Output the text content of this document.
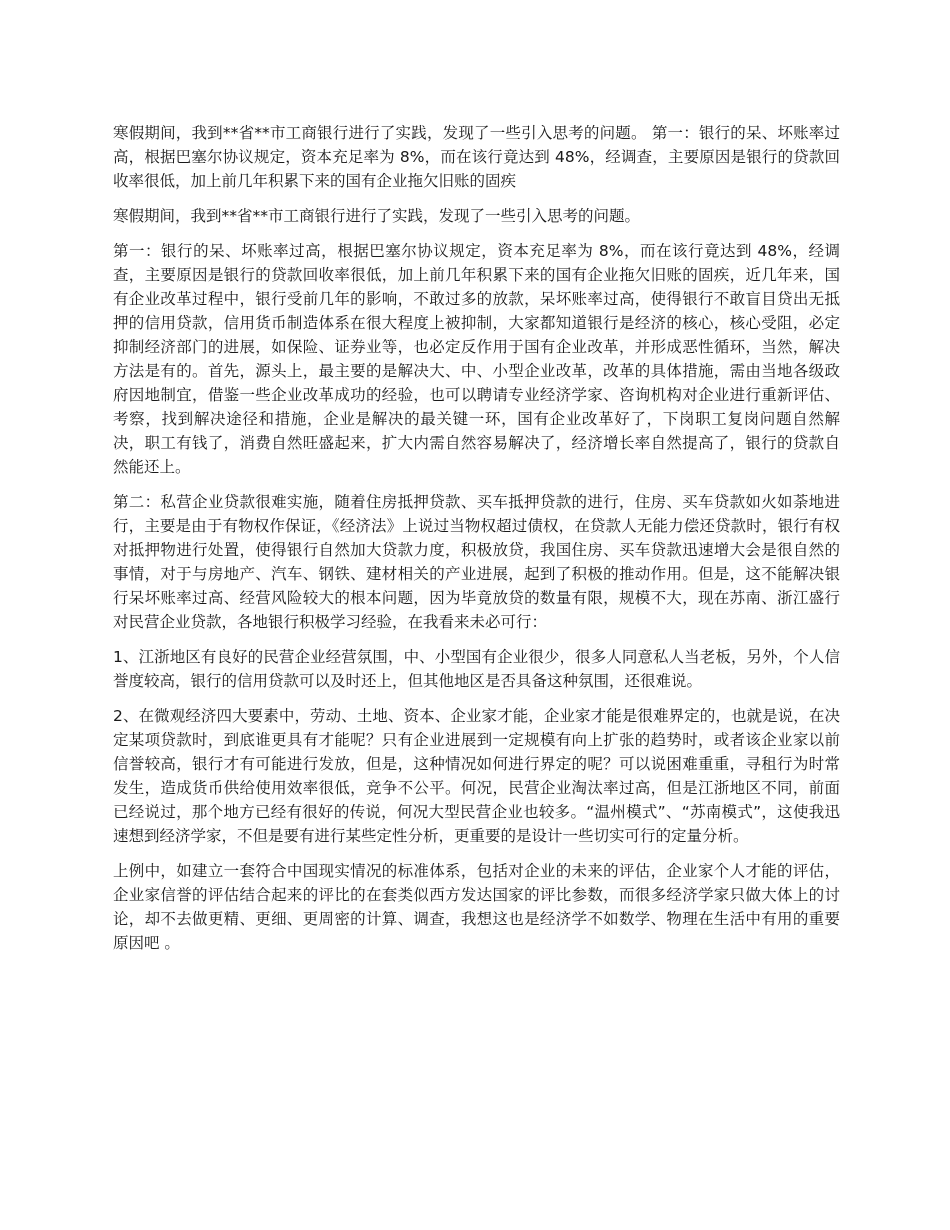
寒假期间，我到**省**市工商银行进行了实践，发现了一些引入思考的问题。 第一：银行的呆、坏账率过高，根据巴塞尔协议规定，资本充足率为 8%，而在该行竟达到 48%，经调查，主要原因是银行的贷款回收率很低，加上前几年积累下来的国有企业拖欠旧账的固疾

寒假期间，我到**省**市工商银行进行了实践，发现了一些引入思考的问题。

第一：银行的呆、坏账率过高，根据巴塞尔协议规定，资本充足率为 8%，而在该行竟达到 48%，经调查，主要原因是银行的贷款回收率很低，加上前几年积累下来的国有企业拖欠旧账的固疾，近几年来，国有企业改革过程中，银行受前几年的影响，不敢过多的放款，呆坏账率过高，使得银行不敢盲目贷出无抵押的信用贷款，信用货币制造体系在很大程度上被抑制，大家都知道银行是经济的核心，核心受阻，必定抑制经济部门的进展，如保险、证券业等，也必定反作用于国有企业改革，并形成恶性循环，当然，解决方法是有的。首先，源头上，最主要的是解决大、中、小型企业改革，改革的具体措施，需由当地各级政府因地制宜，借鉴一些企业改革成功的经验，也可以聘请专业经济学家、咨询机构对企业进行重新评估、考察，找到解决途径和措施，企业是解决的最关键一环，国有企业改革好了，下岗职工复岗问题自然解决，职工有钱了，消费自然旺盛起来，扩大内需自然容易解决了，经济增长率自然提高了，银行的贷款自然能还上。

第二：私营企业贷款很难实施，随着住房抵押贷款、买车抵押贷款的进行，住房、买车贷款如火如荼地进行，主要是由于有物权作保证，《经济法》上说过当物权超过债权，在贷款人无能力偿还贷款时，银行有权对抵押物进行处置，使得银行自然加大贷款力度，积极放贷，我国住房、买车贷款迅速增大会是很自然的事情，对于与房地产、汽车、钢铁、建材相关的产业进展，起到了积极的推动作用。但是，这不能解决银行呆坏账率过高、经营风险较大的根本问题，因为毕竟放贷的数量有限，规模不大，现在苏南、浙江盛行对民营企业贷款，各地银行积极学习经验，在我看来未必可行：

1、江浙地区有良好的民营企业经营氛围，中、小型国有企业很少，很多人同意私人当老板，另外，个人信誉度较高，银行的信用贷款可以及时还上，但其他地区是否具备这种氛围，还很难说。

2、在微观经济四大要素中，劳动、土地、资本、企业家才能，企业家才能是很难界定的，也就是说，在决定某项贷款时，到底谁更具有才能呢？只有企业进展到一定规模有向上扩张的趋势时，或者该企业家以前信誉较高，银行才有可能进行发放，但是，这种情况如何进行界定的呢？可以说困难重重，寻租行为时常发生，造成货币供给使用效率很低，竞争不公平。何况，民营企业淘汰率过高，但是江浙地区不同，前面已经说过，那个地方已经有很好的传说，何况大型民营企业也较多。“温州模式”、“苏南模式”，这使我迅速想到经济学家，不但是要有进行某些定性分析，更重要的是设计一些切实可行的定量分析。

上例中，如建立一套符合中国现实情况的标准体系，包括对企业的未来的评估，企业家个人才能的评估，企业家信誉的评估结合起来的评比的在套类似西方发达国家的评比参数，而很多经济学家只做大体上的讨论，却不去做更精、更细、更周密的计算、调查，我想这也是经济学不如数学、物理在生活中有用的重要原因吧 。
